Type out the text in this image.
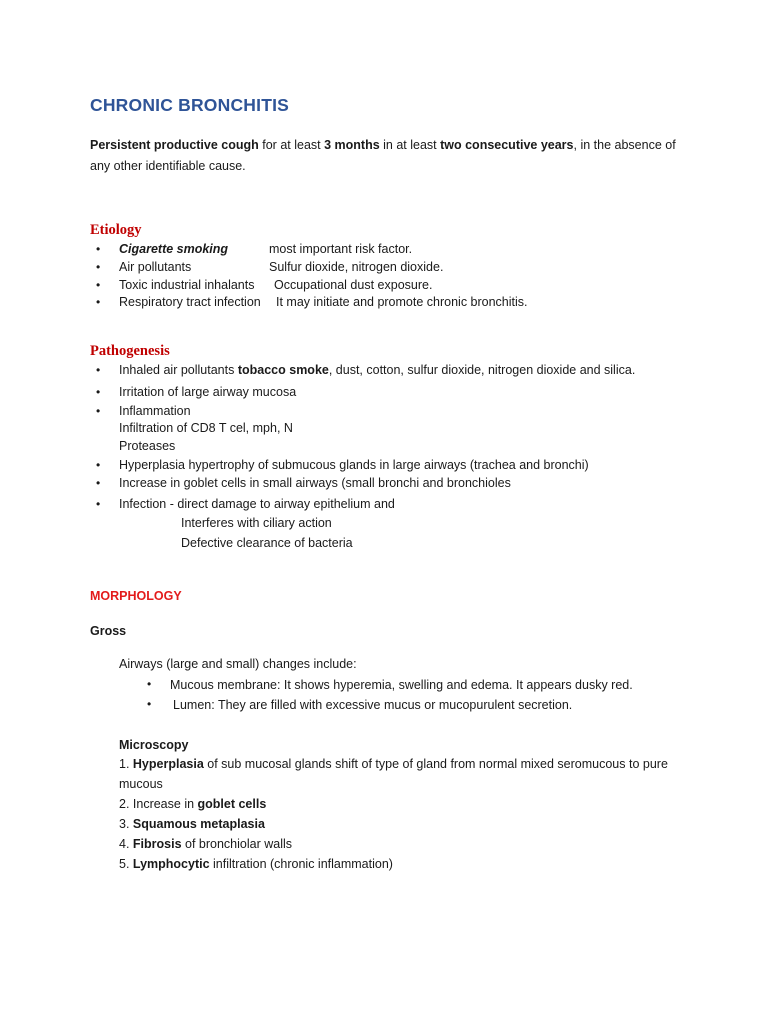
CHRONIC BRONCHITIS
Persistent productive cough for at least 3 months in at least two consecutive years, in the absence of
any other identifiable cause.
Etiology
• Cigarette smoking	most important risk factor.
• Air pollutants	Sulfur dioxide, nitrogen dioxide.
• Toxic industrial inhalants Occupational dust exposure.
• Respiratory tract infection It may initiate and promote chronic bronchitis.
Pathogenesis
• Inhaled air pollutants tobacco smoke, dust, cotton, sulfur dioxide, nitrogen dioxide and silica.
• Irritation of large airway mucosa
• Inflammation
Infiltration of CD8 T cel, mph, N
Proteases
• Hyperplasia hypertrophy of submucous glands in large airways (trachea and bronchi)
• Increase in goblet cells in small airways (small bronchi and bronchioles
• Infection - direct damage to airway epithelium and
Interferes with ciliary action
Defective clearance of bacteria
MORPHOLOGY
Gross
Airways (large and small) changes include:
• Mucous membrane: It shows hyperemia, swelling and edema. It appears dusky red.
• Lumen: They are filled with excessive mucus or mucopurulent secretion.
Microscopy
1. Hyperplasia of sub mucosal glands shift of type of gland from normal mixed seromucous to pure
mucous
2. Increase in goblet cells
3. Squamous metaplasia
4. Fibrosis of bronchiolar walls
5. Lymphocytic infiltration (chronic inflammation)
